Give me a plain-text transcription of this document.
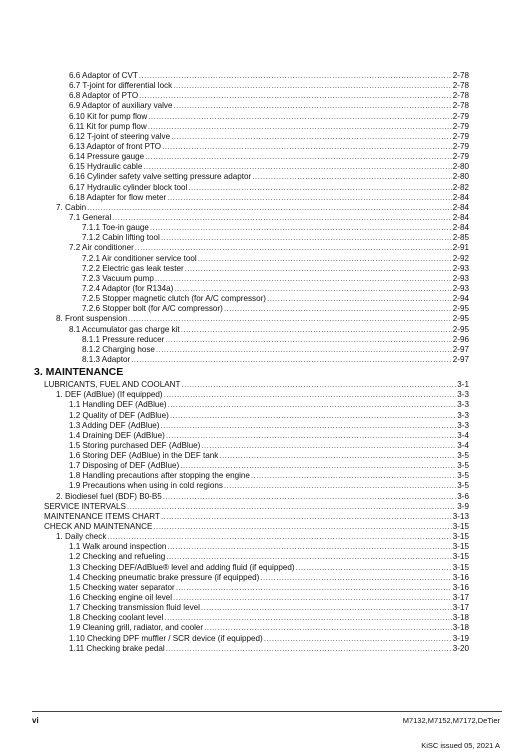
6.6 Adaptor of CVT .....	2-78
6.7 T-joint for differential lock .....	2-78
6.8 Adaptor of PTO .....	2-78
6.9 Adaptor of auxiliary valve .....	2-78
6.10 Kit for pump flow .....	2-79
6.11 Kit for pump flow .....	2-79
6.12 T-joint of steering valve .....	2-79
6.13 Adaptor of front PTO .....	2-79
6.14 Pressure gauge .....	2-79
6.15 Hydraulic cable .....	2-80
6.16 Cylinder safety valve setting pressure adaptor .....	2-80
6.17 Hydraulic cylinder block tool .....	2-82
6.18 Adapter for flow meter .....	2-84
7. Cabin .....	2-84
7.1 General .....	2-84
7.1.1 Toe-in gauge .....	2-84
7.1.2 Cabin lifting tool .....	2-85
7.2 Air conditioner .....	2-91
7.2.1 Air conditioner service tool .....	2-92
7.2.2 Electric gas leak tester .....	2-93
7.2.3 Vacuum pump .....	2-93
7.2.4 Adaptor (for R134a) .....	2-93
7.2.5 Stopper magnetic clutch (for A/C compressor) .....	2-94
7.2.6 Stopper bolt (for A/C compressor) .....	2-95
8. Front suspension .....	2-95
8.1 Accumulator gas charge kit .....	2-95
8.1.1 Pressure reducer .....	2-96
8.1.2 Charging hose .....	2-97
8.1.3 Adaptor .....	2-97
3. MAINTENANCE
LUBRICANTS, FUEL AND COOLANT .....	3-1
1. DEF (AdBlue) (If equipped) .....	3-3
1.1 Handling DEF (AdBlue) .....	3-3
1.2 Quality of DEF (AdBlue) .....	3-3
1.3 Adding DEF (AdBlue) .....	3-3
1.4 Draining DEF (AdBlue) .....	3-4
1.5 Storing purchased DEF (AdBlue) .....	3-4
1.6 Storing DEF (AdBlue) in the DEF tank .....	3-5
1.7 Disposing of DEF (AdBlue) .....	3-5
1.8 Handling precautions after stopping the engine .....	3-5
1.9 Precautions when using in cold regions .....	3-5
2. Biodiesel fuel (BDF) B0-B5 .....	3-6
SERVICE INTERVALS .....	3-9
MAINTENANCE ITEMS CHART .....	3-13
CHECK AND MAINTENANCE .....	3-15
1. Daily check .....	3-15
1.1 Walk around inspection .....	3-15
1.2 Checking and refueling .....	3-15
1.3 Checking DEF/AdBlue® level and adding fluid (if equipped) .....	3-15
1.4 Checking pneumatic brake pressure (if equipped) .....	3-16
1.5 Checking water separator .....	3-16
1.6 Checking engine oil level .....	3-17
1.7 Checking transmission fluid level .....	3-17
1.8 Checking coolant level .....	3-18
1.9 Cleaning grill, radiator, and cooler .....	3-18
1.10 Checking DPF muffler / SCR device (if equipped) .....	3-19
1.11 Checking brake pedal .....	3-20
vi	M7132,M7152,M7172,DeTier
KiSC issued 05, 2021 A
